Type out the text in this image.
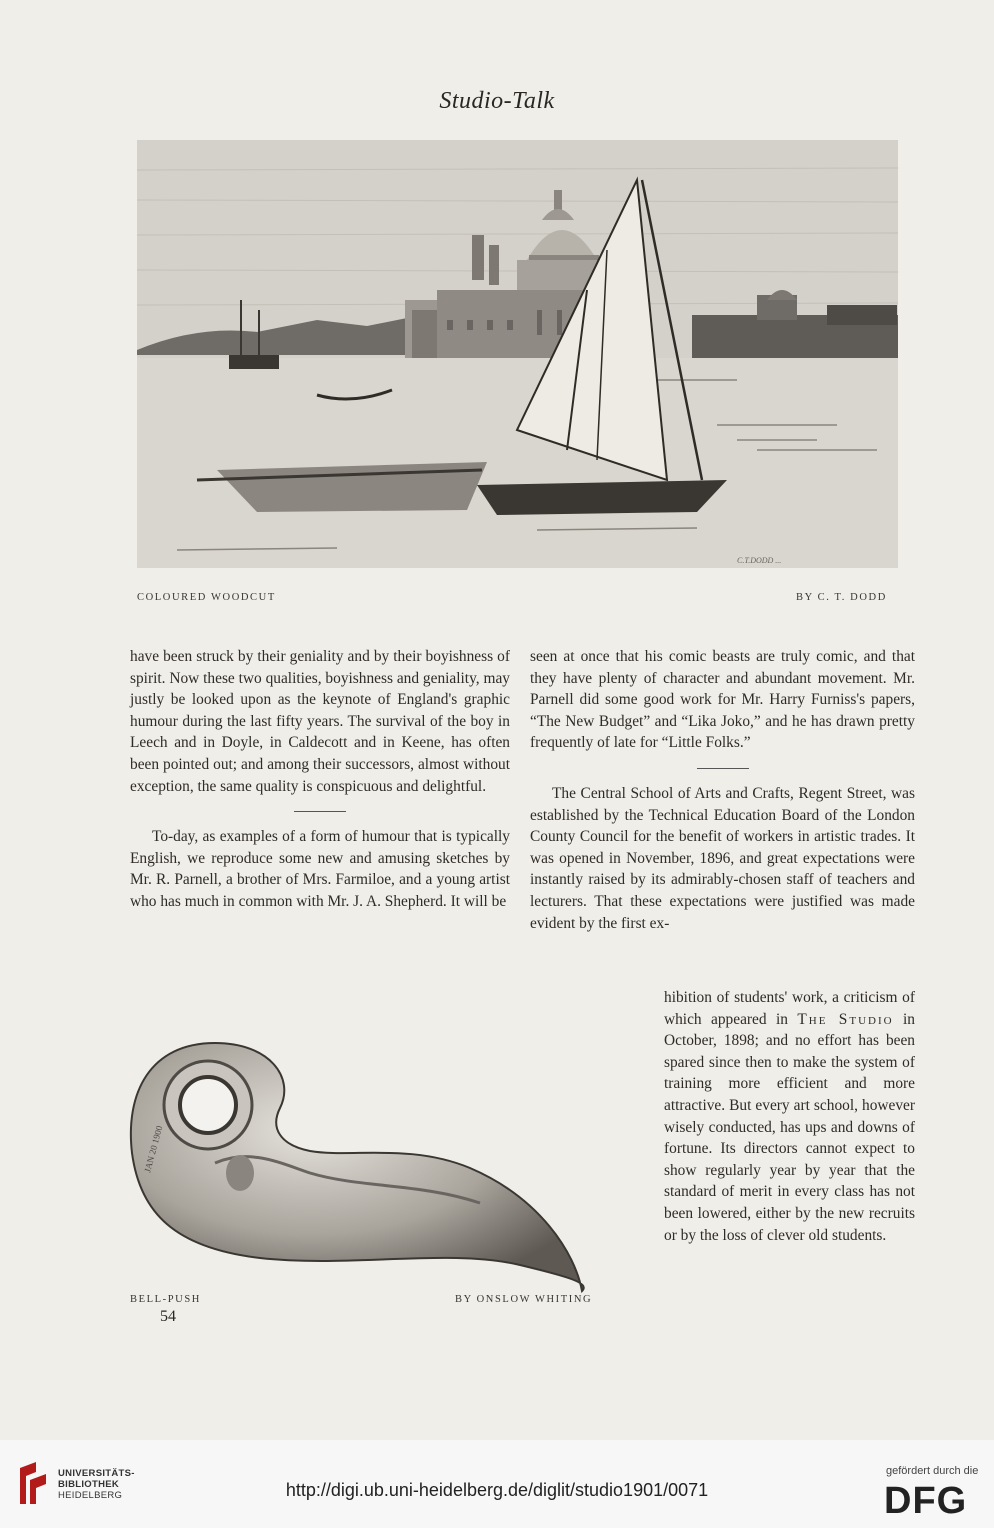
Studio-Talk
C.T.DODD ...
COLOURED WOODCUT	BY C. T. DODD

have been struck by their geniality and by their boyishness of spirit. Now these two qualities, boyishness and geniality, may justly be looked upon as the keynote of England's graphic humour during the last fifty years. The survival of the boy in Leech and in Doyle, in Caldecott and in Keene, has often been pointed out; and among their successors, almost without exception, the same quality is conspicuous and delightful.

To-day, as examples of a form of humour that is typically English, we reproduce some new and amusing sketches by Mr. R. Parnell, a brother of Mrs. Farmiloe, and a young artist who has much in common with Mr. J. A. Shepherd. It will be

seen at once that his comic beasts are truly comic, and that they have plenty of character and abundant movement. Mr. Parnell did some good work for Mr. Harry Furniss's papers, “The New Budget” and “Lika Joko,” and he has drawn pretty frequently of late for “Little Folks.”

The Central School of Arts and Crafts, Regent Street, was established by the Technical Education Board of the London County Council for the benefit of workers in artistic trades. It was opened in November, 1896, and great expectations were instantly raised by its admirably-chosen staff of teachers and lecturers. That these expectations were justified was made evident by the first ex-

hibition of students' work, a criticism of which appeared in The Studio in October, 1898; and no effort has been spared since then to make the system of training more efficient and more attractive. But every art school, however wisely conducted, has ups and downs of fortune. Its directors cannot expect to show regularly year by year that the standard of merit in every class has not been lowered, either by the new recruits or by the loss of clever old students.

JAN 20 1900
BELL-PUSH	BY ONSLOW WHITING
54
UNIVERSITÄTS-
BIBLIOTHEK
HEIDELBERG	http://digi.ub.uni-heidelberg.de/diglit/studio1901/0071
gefördert durch die
DFG
